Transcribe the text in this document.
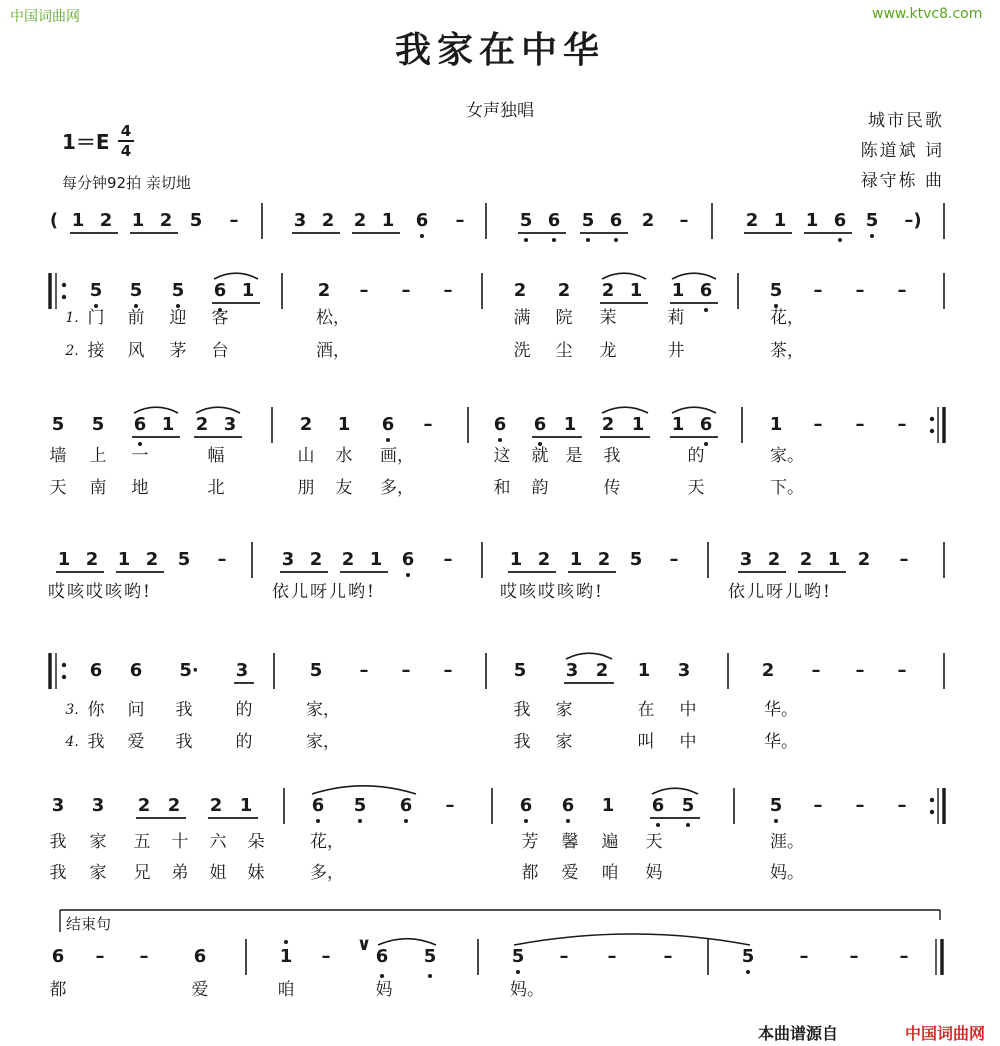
中国词曲网	www.ktvc8.com
我家在中华
女声独唱	城市民歌
陈道斌 词
禄守栋 曲
1＝E 4
4
每分钟92拍 亲切地
( 1 2 1 2 5	–	3 2 2 1 6	–	5 6 5 6 2	–	2 1 1 6 5	–)
5 5 5 6 1	2	–	–	–	2 2 2 1 1 6	5	–	–	–
1. 门 前 迎 客	松，	满 院 茉	莉	花，
2. 接 风 茅 台	酒，	洗 尘 龙	井	茶，
5 5 6 1 2 3	2 1 6	–	6 6 1 2 1 1 6	1	–	–	–
墙 上 一	幅	山 水 画，	这 就 是 我	的	家。
天 南 地	北	朋 友 多，	和 韵	传	天	下。
1 2 1 2 5	–	3 2 2 1 6	–	1 2 1 2 5	–	3 2 2 1 2	–
哎咳哎咳哟!	依儿呀儿哟!	哎咳哎咳哟!	依儿呀儿哟!
6 6 5· 3	5	–	–	–	5 3 2 1 3	2	–	–	–
3. 你 问 我	的	家，	我 家	在 中	华。
4. 我 爱 我	的	家，	我 家	叫 中	华。
3 3 2 2 2 1	6 5 6	–	6 6 1 6 5	5	–	–	–
我 家 五 十 六 朵	花，	芳 馨 遍 天	涯。
我 家 兄 弟 姐 妹	多，	都 爱 咱 妈	妈。
6	–	–	6	1	–	6 5	5	–	–	–	5	–	–	–
∨
都	爱	咱	妈	妈。
结束句
本曲谱源自	中国词曲网
